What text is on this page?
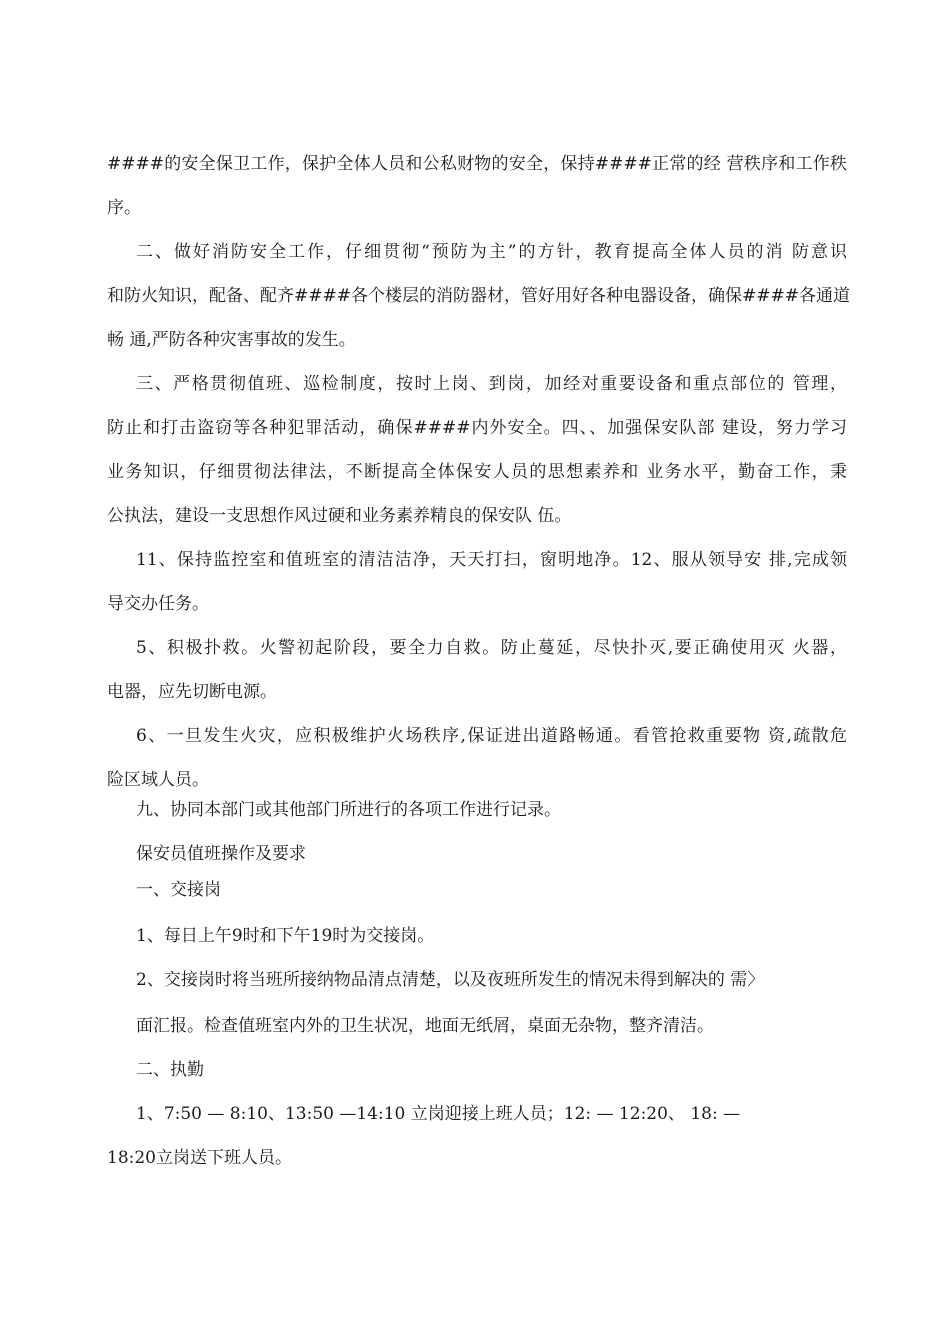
####的安全保卫工作，保护全体人员和公私财物的安全，保持####正常的经 营秩序和工作秩
序。
二、做好消防安全工作，仔细贯彻“预防为主”的方针，教育提高全体人员的消 防意识
和防火知识，配备、配齐####各个楼层的消防器材，管好用好各种电器设备，确保####各通道
畅 通,严防各种灾害事故的发生。
三、严格贯彻值班、巡检制度，按时上岗、到岗，加经对重要设备和重点部位的 管理，
防止和打击盗窃等各种犯罪活动，确保####内外安全。四、、加强保安队部 建设，努力学习
业务知识，仔细贯彻法律法，不断提高全体保安人员的思想素养和 业务水平，勤奋工作，秉
公执法，建设一支思想作风过硬和业务素养精良的保安队 伍。
11、保持监控室和值班室的清洁洁净，天天打扫，窗明地净。12、服从领导安 排,完成领
导交办任务。
5、积极扑救。火警初起阶段，要全力自救。防止蔓延，尽快扑灭,要正确使用灭 火器，
电器，应先切断电源。
6、一旦发生火灾，应积极维护火场秩序,保证进出道路畅通。看管抢救重要物 资,疏散危
险区域人员。
九、协同本部门或其他部门所进行的各项工作进行记录。
保安员值班操作及要求
一、交接岗
1、每日上午9时和下午19时为交接岗。
2、交接岗时将当班所接纳物品清点清楚，以及夜班所发生的情况未得到解决的 需〉
面汇报。检查值班室内外的卫生状况，地面无纸屑，桌面无杂物，整齐清洁。
二、执勤
1、7:50 — 8:10、13:50 —14:10 立岗迎接上班人员；12: — 12:20、 18: —
18:20立岗送下班人员。
